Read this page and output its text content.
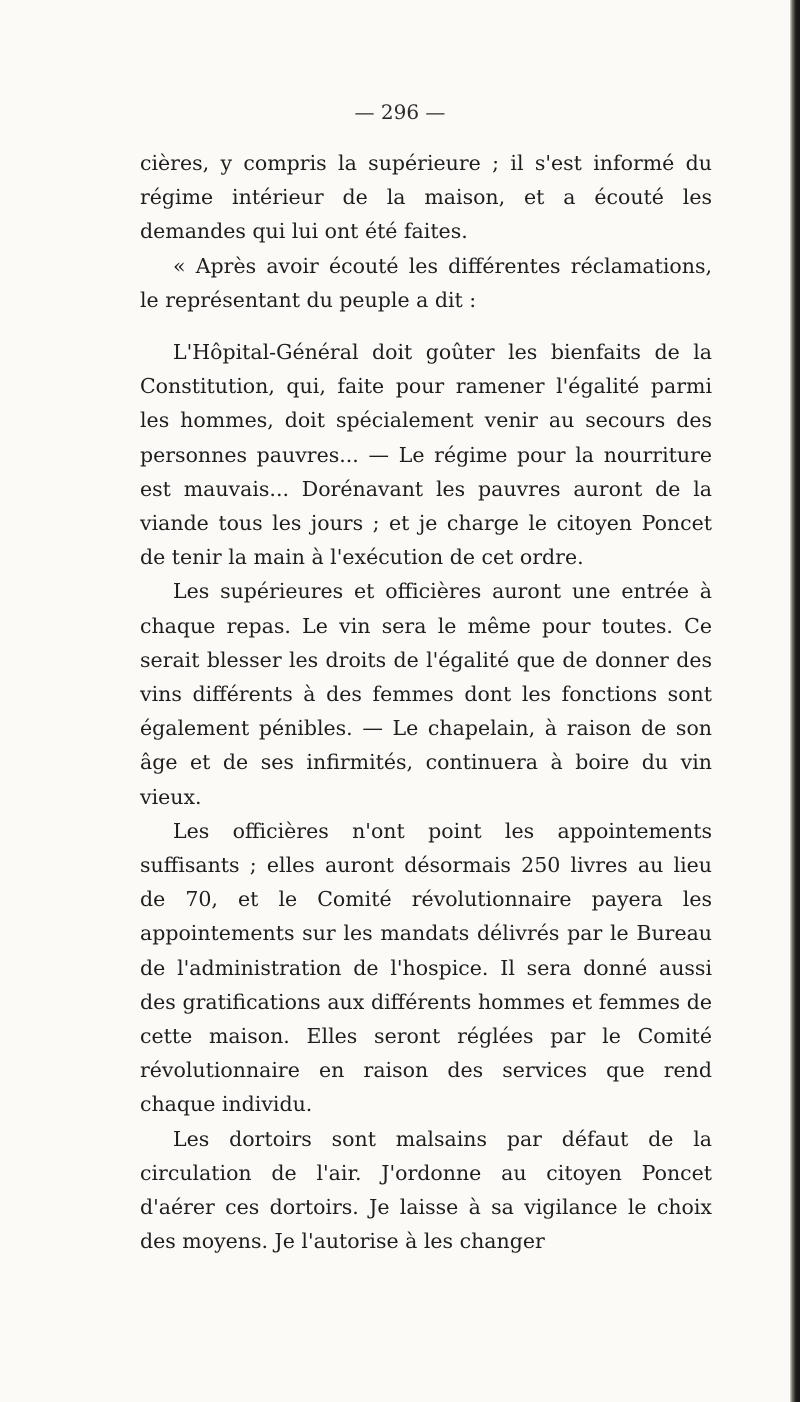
— 296 —

cières, y compris la supérieure ; il s'est informé du régime intérieur de la maison, et a écouté les demandes qui lui ont été faites.

« Après avoir écouté les différentes réclamations, le représentant du peuple a dit :

L'Hôpital-Général doit goûter les bienfaits de la Constitution, qui, faite pour ramener l'égalité parmi les hommes, doit spécialement venir au secours des personnes pauvres... — Le régime pour la nourriture est mauvais... Dorénavant les pauvres auront de la viande tous les jours ; et je charge le citoyen Poncet de tenir la main à l'exécution de cet ordre.

Les supérieures et officières auront une entrée à chaque repas. Le vin sera le même pour toutes. Ce serait blesser les droits de l'égalité que de donner des vins différents à des femmes dont les fonctions sont également pénibles. — Le chapelain, à raison de son âge et de ses infirmités, continuera à boire du vin vieux.

Les officières n'ont point les appointements suffisants ; elles auront désormais 250 livres au lieu de 70, et le Comité révolutionnaire payera les appointements sur les mandats délivrés par le Bureau de l'administration de l'hospice. Il sera donné aussi des gratifications aux différents hommes et femmes de cette maison. Elles seront réglées par le Comité révolutionnaire en raison des services que rend chaque individu.

Les dortoirs sont malsains par défaut de la circulation de l'air. J'ordonne au citoyen Poncet d'aérer ces dortoirs. Je laisse à sa vigilance le choix des moyens. Je l'autorise à les changer
